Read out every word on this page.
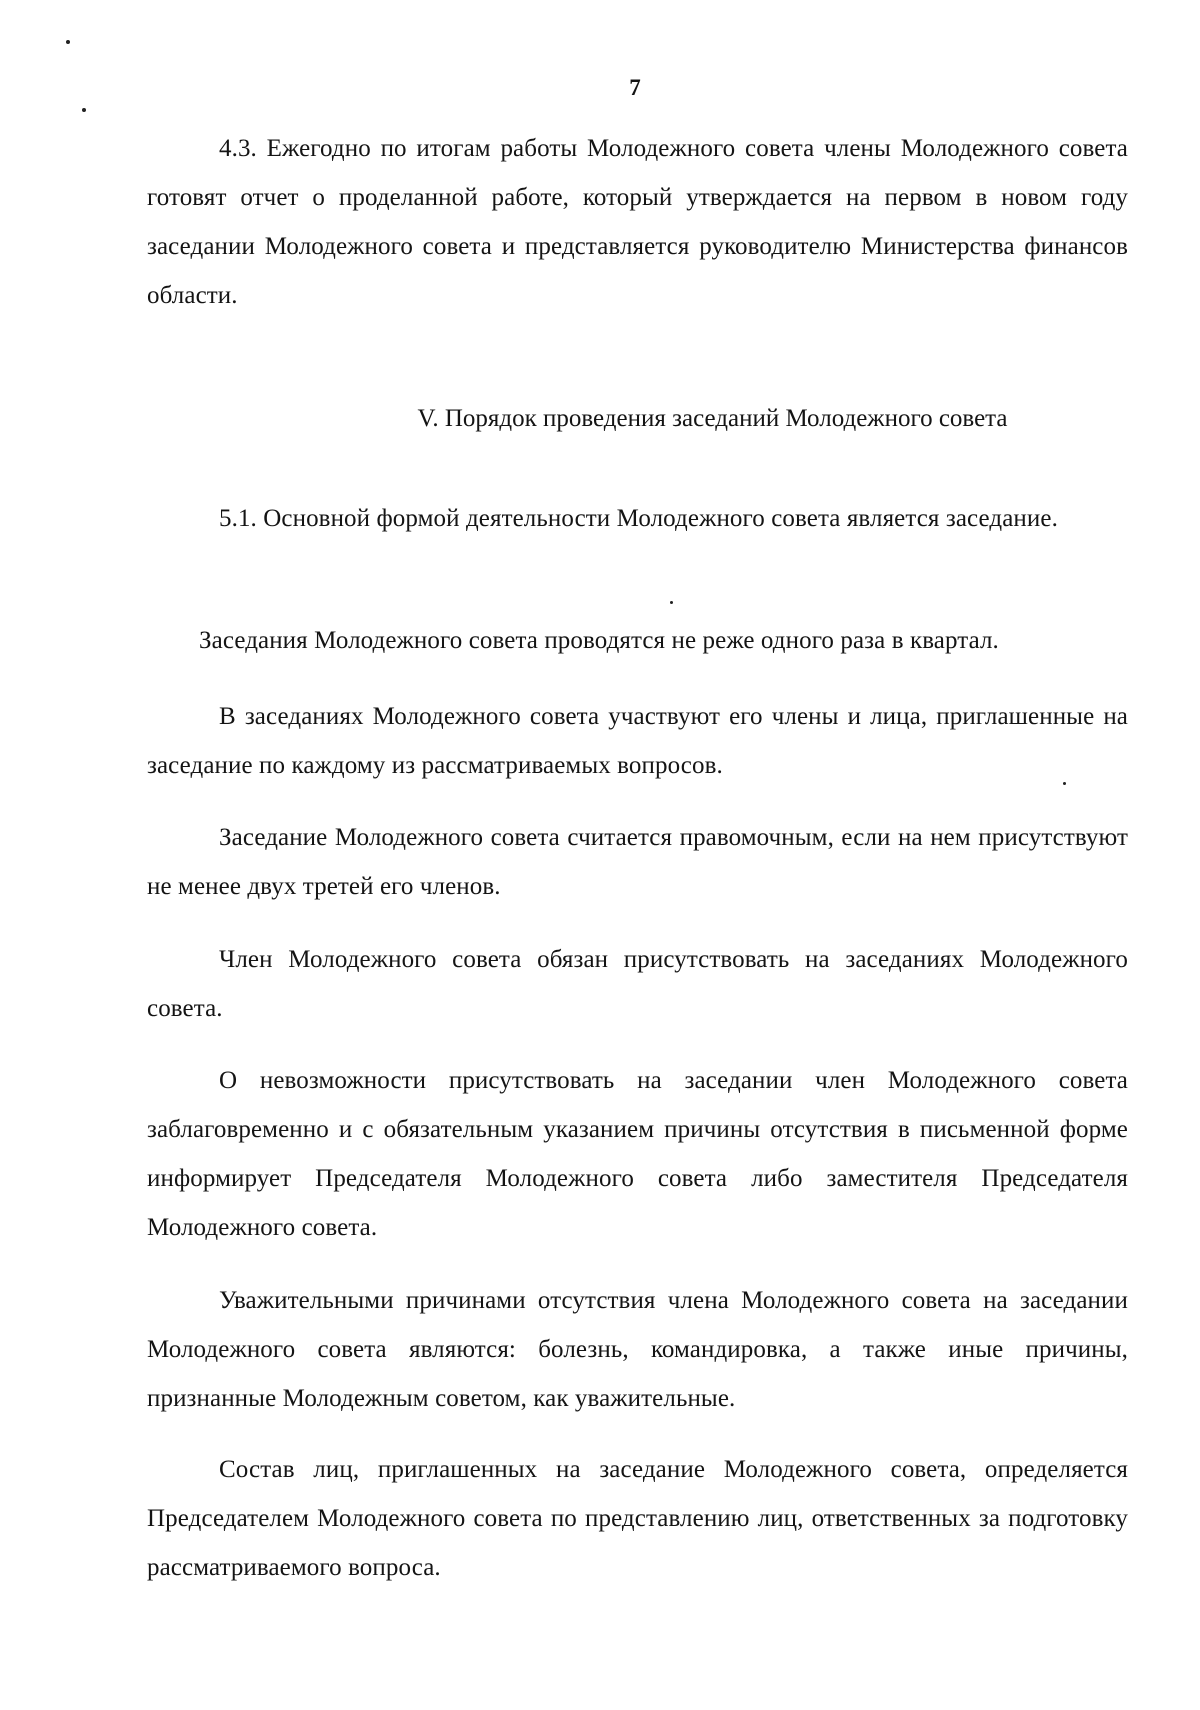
7

4.3. Ежегодно по итогам работы Молодежного совета члены Молодежного совета готовят отчет о проделанной работе, который утверждается на первом в новом году заседании Молодежного совета и представляется руководителю Министерства финансов области.

V. Порядок проведения заседаний Молодежного совета

5.1. Основной формой деятельности Молодежного совета является заседание.

Заседания Молодежного совета проводятся не реже одного раза в квартал.

В заседаниях Молодежного совета участвуют его члены и лица, приглашенные на заседание по каждому из рассматриваемых вопросов.

Заседание Молодежного совета считается правомочным, если на нем присутствуют не менее двух третей его членов.

Член Молодежного совета обязан присутствовать на заседаниях Молодежного совета.

О невозможности присутствовать на заседании член Молодежного совета заблаговременно и с обязательным указанием причины отсутствия в письменной форме информирует Председателя Молодежного совета либо заместителя Председателя Молодежного совета.

Уважительными причинами отсутствия члена Молодежного совета на заседании Молодежного совета являются: болезнь, командировка, а также иные причины, признанные Молодежным советом, как уважительные.

Состав лиц, приглашенных на заседание Молодежного совета, определяется Председателем Молодежного совета по представлению лиц, ответственных за подготовку рассматриваемого вопроса.
